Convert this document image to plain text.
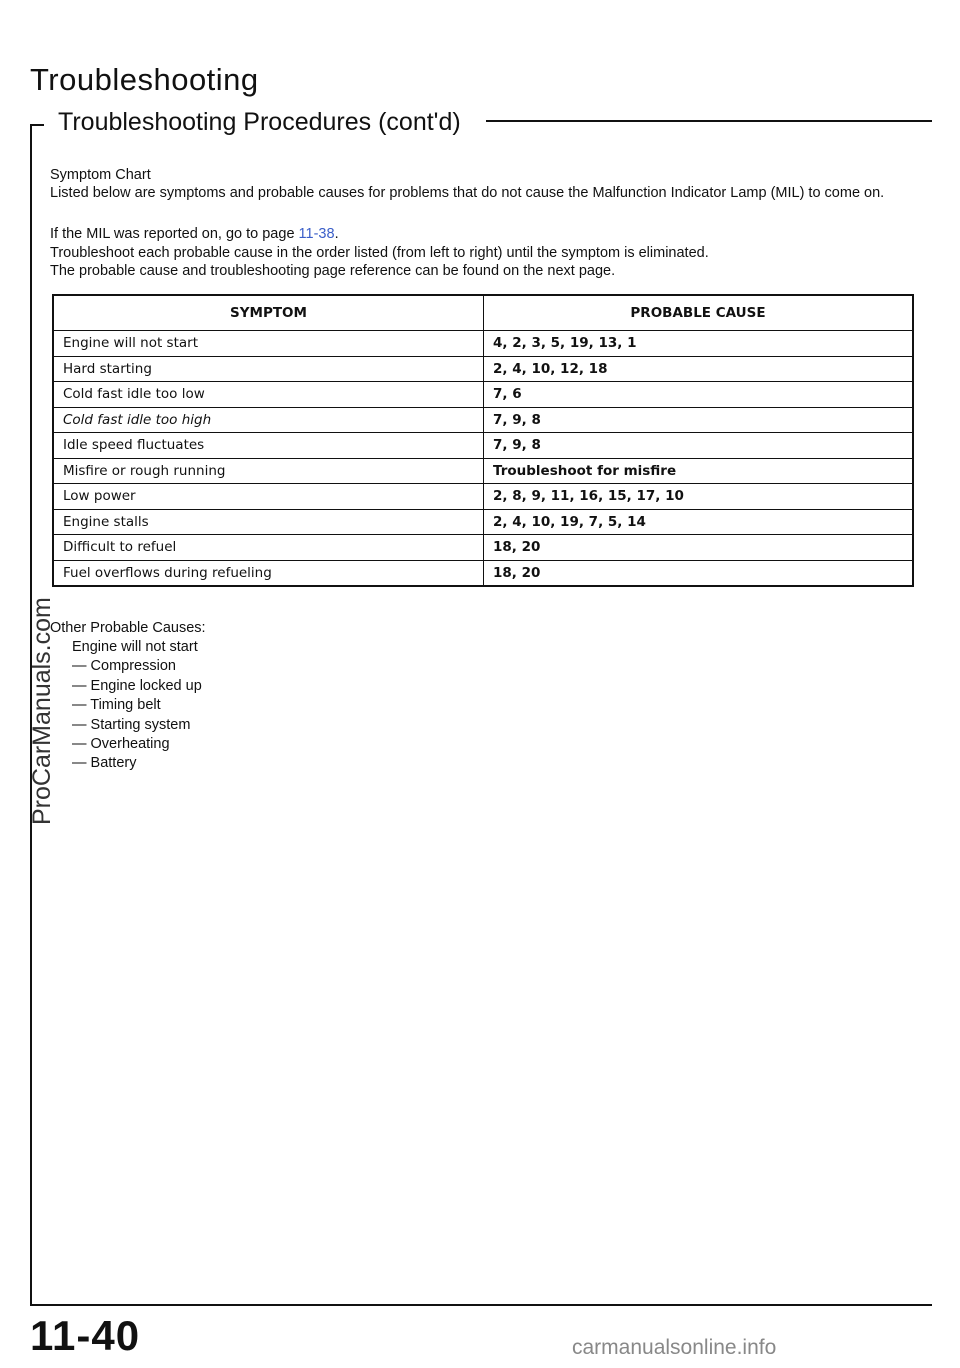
Troubleshooting
Troubleshooting Procedures (cont'd)
Symptom Chart
Listed below are symptoms and probable causes for problems that do not cause the Malfunction Indicator Lamp (MIL) to come on.
If the MIL was reported on, go to page 11-38.
Troubleshoot each probable cause in the order listed (from left to right) until the symptom is eliminated.
The probable cause and troubleshooting page reference can be found on the next page.
SYMPTOM	PROBABLE CAUSE
Engine will not start	4, 2, 3, 5, 19, 13, 1
Hard starting	2, 4, 10, 12, 18
Cold fast idle too low	7, 6
Cold fast idle too high	7, 9, 8
Idle speed fluctuates	7, 9, 8
Misfire or rough running	Troubleshoot for misfire
Low power	2, 8, 9, 11, 16, 15, 17, 10
Engine stalls	2, 4, 10, 19, 7, 5, 14
Difficult to refuel	18, 20
Fuel overflows during refueling	18, 20
Other Probable Causes:
Engine will not start
— Compression
— Engine locked up
— Timing belt
— Starting system
— Overheating
— Battery
ProCarManuals.com
11-40	carmanualsonline.info
